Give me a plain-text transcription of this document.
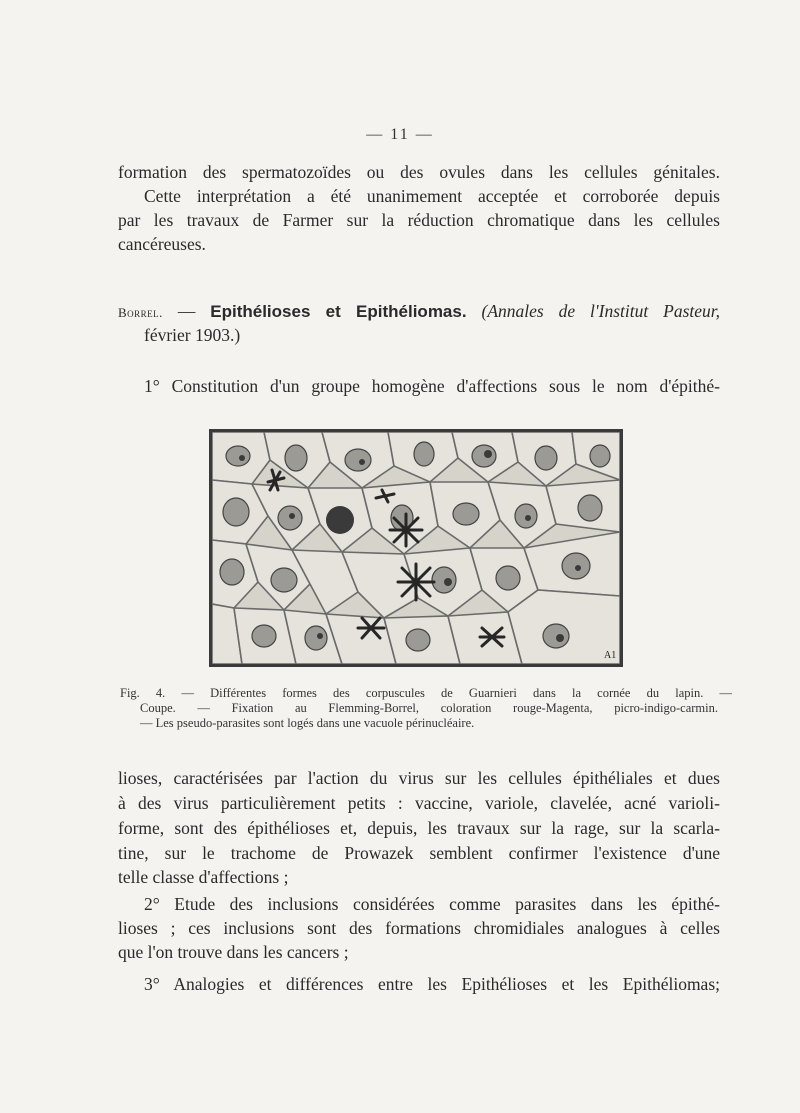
— 11 —
formation des spermatozoïdes ou des ovules dans les cellules génitales.
Cette interprétation a été unanimement acceptée et corroborée depuis
par les travaux de Farmer sur la réduction chromatique dans les cellules
cancéreuses.
Borrel. — Epithélioses et Epithéliomas. (Annales de l'Institut Pasteur,
février 1903.)
1° Constitution d'un groupe homogène d'affections sous le nom d'épithé-
A1
Fig. 4. — Différentes formes des corpuscules de Guarnieri dans la cornée du lapin. —
Coupe. — Fixation au Flemming-Borrel, coloration rouge-Magenta, picro-indigo-carmin.
— Les pseudo-parasites sont logés dans une vacuole périnucléaire.
lioses, caractérisées par l'action du virus sur les cellules épithéliales et dues
à des virus particulièrement petits : vaccine, variole, clavelée, acné varioli-
forme, sont des épithélioses et, depuis, les travaux sur la rage, sur la scarla-
tine, sur le trachome de Prowazek semblent confirmer l'existence d'une
telle classe d'affections ;
2° Etude des inclusions considérées comme parasites dans les épithé-
lioses ; ces inclusions sont des formations chromidiales analogues à celles
que l'on trouve dans les cancers ;
3° Analogies et différences entre les Epithélioses et les Epithéliomas;
